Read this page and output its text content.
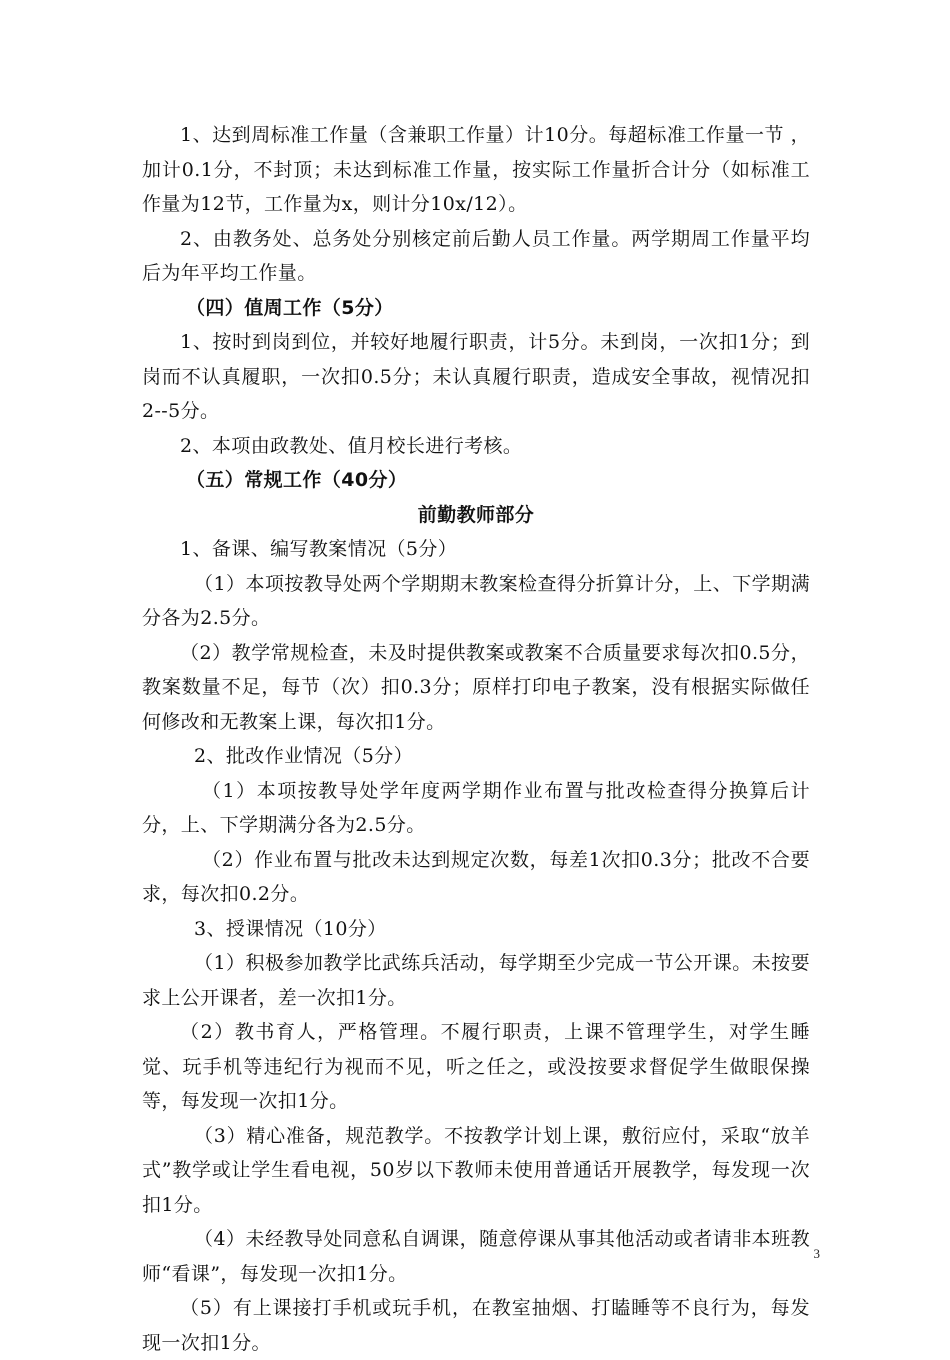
1、达到周标准工作量（含兼职工作量）计10分。每超标准工作量一节 ，加计0.1分，不封顶；未达到标准工作量，按实际工作量折合计分（如标准工作量为12节，工作量为x，则计分10x/12）。

2、由教务处、总务处分别核定前后勤人员工作量。两学期周工作量平均后为年平均工作量。

（四）值周工作（5分）

1、按时到岗到位，并较好地履行职责，计5分。未到岗，一次扣1分；到岗而不认真履职，一次扣0.5分；未认真履行职责，造成安全事故，视情况扣2--5分。

2、本项由政教处、值月校长进行考核。

（五）常规工作（40分）

前勤教师部分

1、备课、编写教案情况（5分）

（1）本项按教导处两个学期期末教案检查得分折算计分，上、下学期满分各为2.5分。

（2）教学常规检查，未及时提供教案或教案不合质量要求每次扣0.5分，教案数量不足，每节（次）扣0.3分；原样打印电子教案，没有根据实际做任何修改和无教案上课，每次扣1分。

2、批改作业情况（5分）

（1）本项按教导处学年度两学期作业布置与批改检查得分换算后计分，上、下学期满分各为2.5分。

（2）作业布置与批改未达到规定次数，每差1次扣0.3分；批改不合要求，每次扣0.2分。

3、授课情况（10分）

（1）积极参加教学比武练兵活动，每学期至少完成一节公开课。未按要求上公开课者，差一次扣1分。

（2）教书育人，严格管理。不履行职责，上课不管理学生，对学生睡觉、玩手机等违纪行为视而不见，听之任之，或没按要求督促学生做眼保操等，每发现一次扣1分。

（3）精心准备，规范教学。不按教学计划上课，敷衍应付，采取“放羊式”教学或让学生看电视，50岁以下教师未使用普通话开展教学，每发现一次扣1分。

（4）未经教导处同意私自调课，随意停课从事其他活动或者请非本班教师“看课”，每发现一次扣1分。

（5）有上课接打手机或玩手机，在教室抽烟、打瞌睡等不良行为，每发现一次扣1分。

3
